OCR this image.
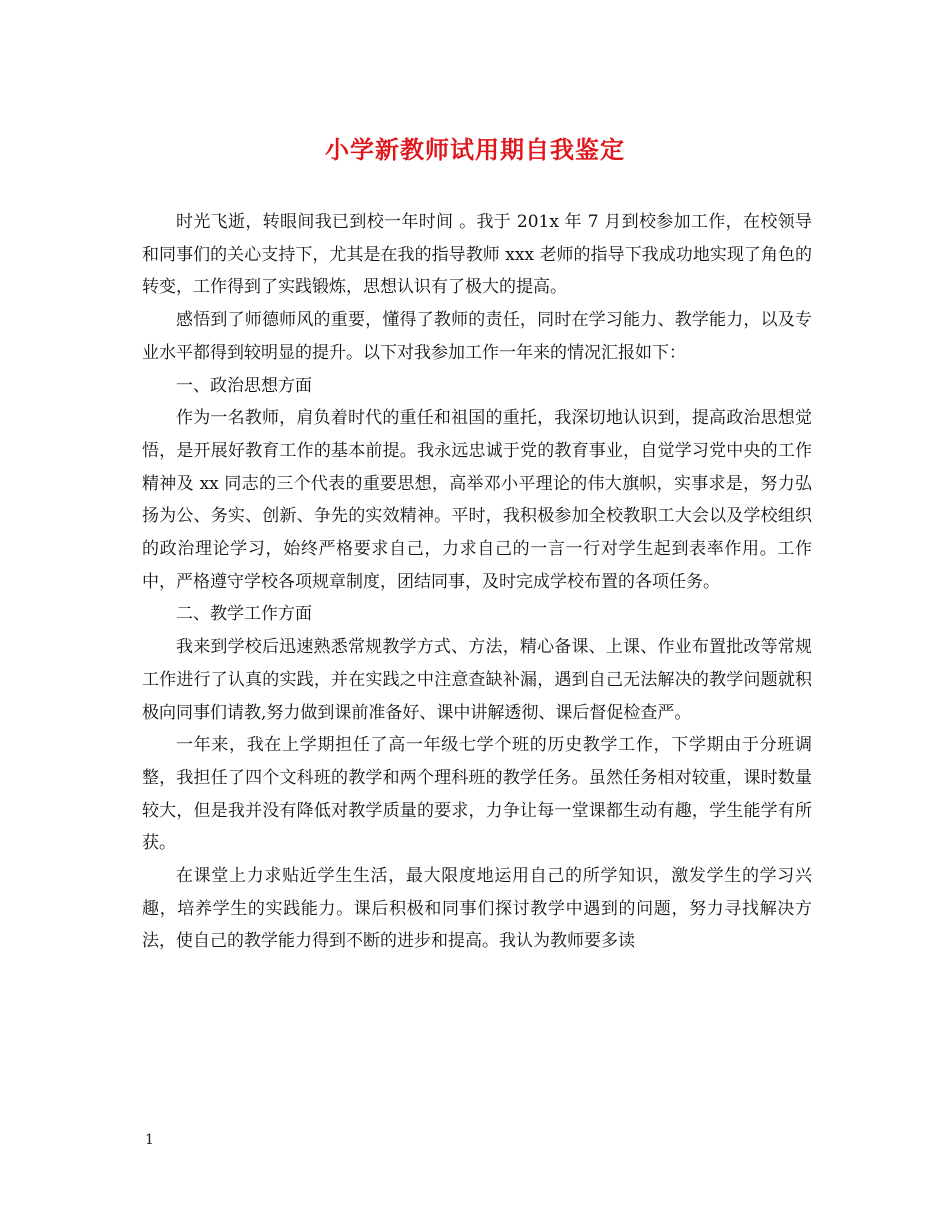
小学新教师试用期自我鉴定

时光飞逝，转眼间我已到校一年时间 。我于 201x 年 7 月到校参加工作，在校领导和同事们的关心支持下，尤其是在我的指导教师 xxx 老师的指导下我成功地实现了角色的转变，工作得到了实践锻炼，思想认识有了极大的提高。

感悟到了师德师风的重要，懂得了教师的责任，同时在学习能力、教学能力，以及专业水平都得到较明显的提升。以下对我参加工作一年来的情况汇报如下：

一、政治思想方面

作为一名教师，肩负着时代的重任和祖国的重托，我深切地认识到，提高政治思想觉悟，是开展好教育工作的基本前提。我永远忠诚于党的教育事业，自觉学习党中央的工作精神及 xx 同志的三个代表的重要思想，高举邓小平理论的伟大旗帜，实事求是，努力弘扬为公、务实、创新、争先的实效精神。平时，我积极参加全校教职工大会以及学校组织的政治理论学习，始终严格要求自己，力求自己的一言一行对学生起到表率作用。工作中，严格遵守学校各项规章制度，团结同事，及时完成学校布置的各项任务。

二、教学工作方面

我来到学校后迅速熟悉常规教学方式、方法，精心备课、上课、作业布置批改等常规工作进行了认真的实践，并在实践之中注意查缺补漏，遇到自己无法解决的教学问题就积极向同事们请教,努力做到课前准备好、课中讲解透彻、课后督促检查严。

一年来，我在上学期担任了高一年级七学个班的历史教学工作，下学期由于分班调整，我担任了四个文科班的教学和两个理科班的教学任务。虽然任务相对较重，课时数量较大，但是我并没有降低对教学质量的要求，力争让每一堂课都生动有趣，学生能学有所获。

在课堂上力求贴近学生生活，最大限度地运用自己的所学知识，激发学生的学习兴趣，培养学生的实践能力。课后积极和同事们探讨教学中遇到的问题，努力寻找解决方法，使自己的教学能力得到不断的进步和提高。我认为教师要多读

1
